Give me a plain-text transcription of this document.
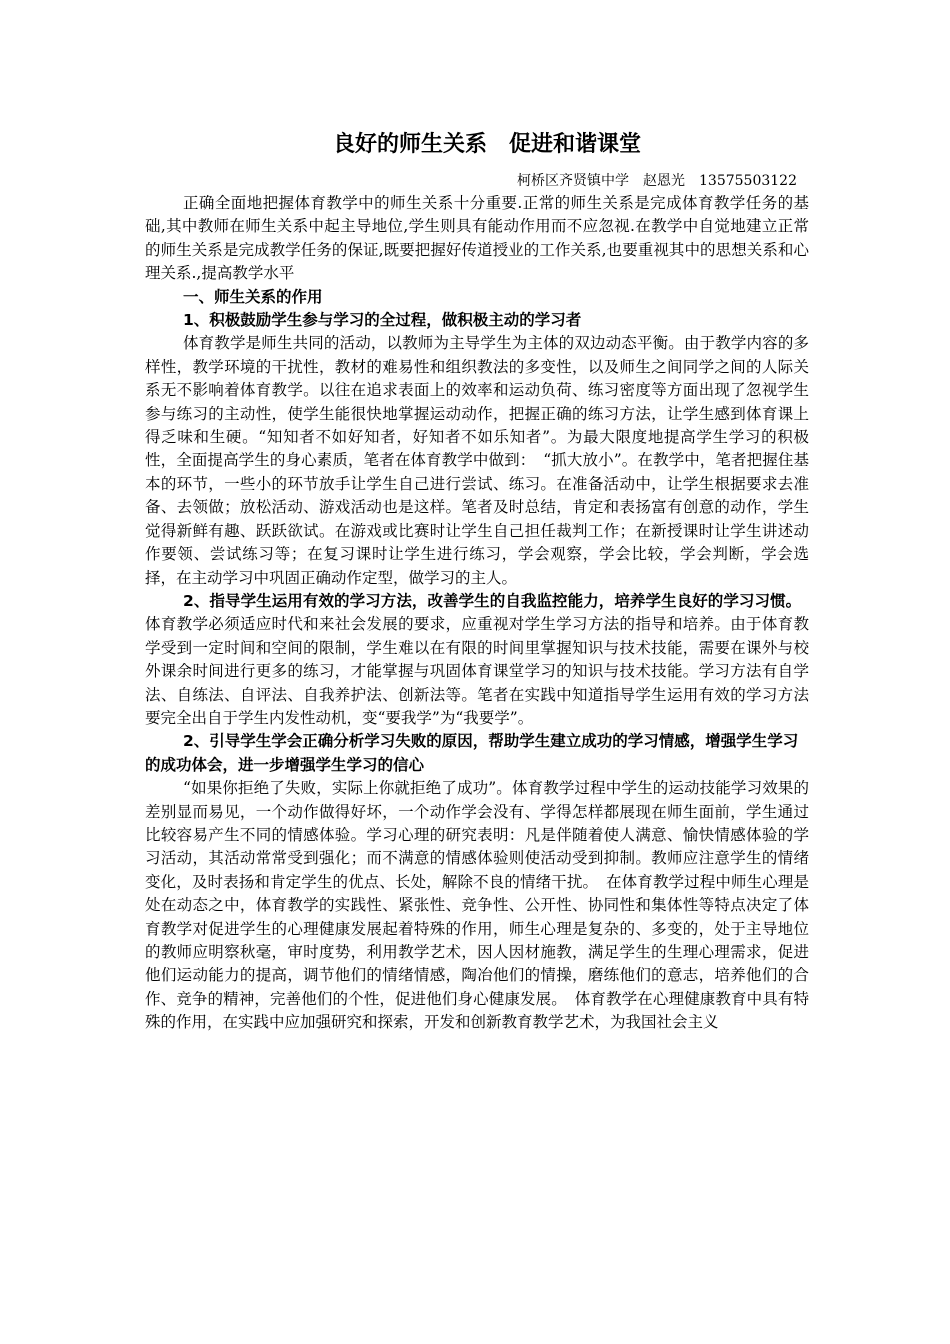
良好的师生关系　促进和谐课堂

柯桥区齐贤镇中学　赵恩光　13575503122

正确全面地把握体育教学中的师生关系十分重要.正常的师生关系是完成体育教学任务的基础,其中教师在师生关系中起主导地位,学生则具有能动作用而不应忽视.在教学中自觉地建立正常的师生关系是完成教学任务的保证,既要把握好传道授业的工作关系,也要重视其中的思想关系和心理关系.,提高教学水平

一、师生关系的作用

1、积极鼓励学生参与学习的全过程，做积极主动的学习者

体育教学是师生共同的活动，以教师为主导学生为主体的双边动态平衡。由于教学内容的多样性，教学环境的干扰性，教材的难易性和组织教法的多变性，以及师生之间同学之间的人际关系无不影响着体育教学。以往在追求表面上的效率和运动负荷、练习密度等方面出现了忽视学生参与练习的主动性，使学生能很快地掌握运动动作，把握正确的练习方法，让学生感到体育课上得乏味和生硬。“知知者不如好知者，好知者不如乐知者”。为最大限度地提高学生学习的积极性，全面提高学生的身心素质，笔者在体育教学中做到：　“抓大放小”。在教学中，笔者把握住基本的环节，一些小的环节放手让学生自己进行尝试、练习。在准备活动中，让学生根据要求去准备、去领做；放松活动、游戏活动也是这样。笔者及时总结，肯定和表扬富有创意的动作，学生觉得新鲜有趣、跃跃欲试。在游戏或比赛时让学生自己担任裁判工作；在新授课时让学生讲述动作要领、尝试练习等；在复习课时让学生进行练习，学会观察，学会比较，学会判断，学会选择，在主动学习中巩固正确动作定型，做学习的主人。

2、指导学生运用有效的学习方法，改善学生的自我监控能力，培养学生良好的学习习惯。　体育教学必须适应时代和来社会发展的要求，应重视对学生学习方法的指导和培养。由于体育教学受到一定时间和空间的限制，学生难以在有限的时间里掌握知识与技术技能，需要在课外与校外课余时间进行更多的练习，才能掌握与巩固体育课堂学习的知识与技术技能。学习方法有自学法、自练法、自评法、自我养护法、创新法等。笔者在实践中知道指导学生运用有效的学习方法要完全出自于学生内发性动机，变“要我学”为“我要学”。

2、引导学生学会正确分析学习失败的原因，帮助学生建立成功的学习情感，增强学生学习的成功体会，进一步增强学生学习的信心

“如果你拒绝了失败，实际上你就拒绝了成功”。体育教学过程中学生的运动技能学习效果的差别显而易见，一个动作做得好坏，一个动作学会没有、学得怎样都展现在师生面前，学生通过比较容易产生不同的情感体验。学习心理的研究表明：凡是伴随着使人满意、愉快情感体验的学习活动，其活动常常受到强化；而不满意的情感体验则使活动受到抑制。教师应注意学生的情绪变化，及时表扬和肯定学生的优点、长处，解除不良的情绪干扰。　在体育教学过程中师生心理是处在动态之中，体育教学的实践性、紧张性、竞争性、公开性、协同性和集体性等特点决定了体育教学对促进学生的心理健康发展起着特殊的作用，师生心理是复杂的、多变的，处于主导地位的教师应明察秋毫，审时度势，利用教学艺术，因人因材施教，满足学生的生理心理需求，促进他们运动能力的提高，调节他们的情绪情感，陶冶他们的情操，磨练他们的意志，培养他们的合作、竞争的精神，完善他们的个性，促进他们身心健康发展。　体育教学在心理健康教育中具有特殊的作用，在实践中应加强研究和探索，开发和创新教育教学艺术，为我国社会主义
